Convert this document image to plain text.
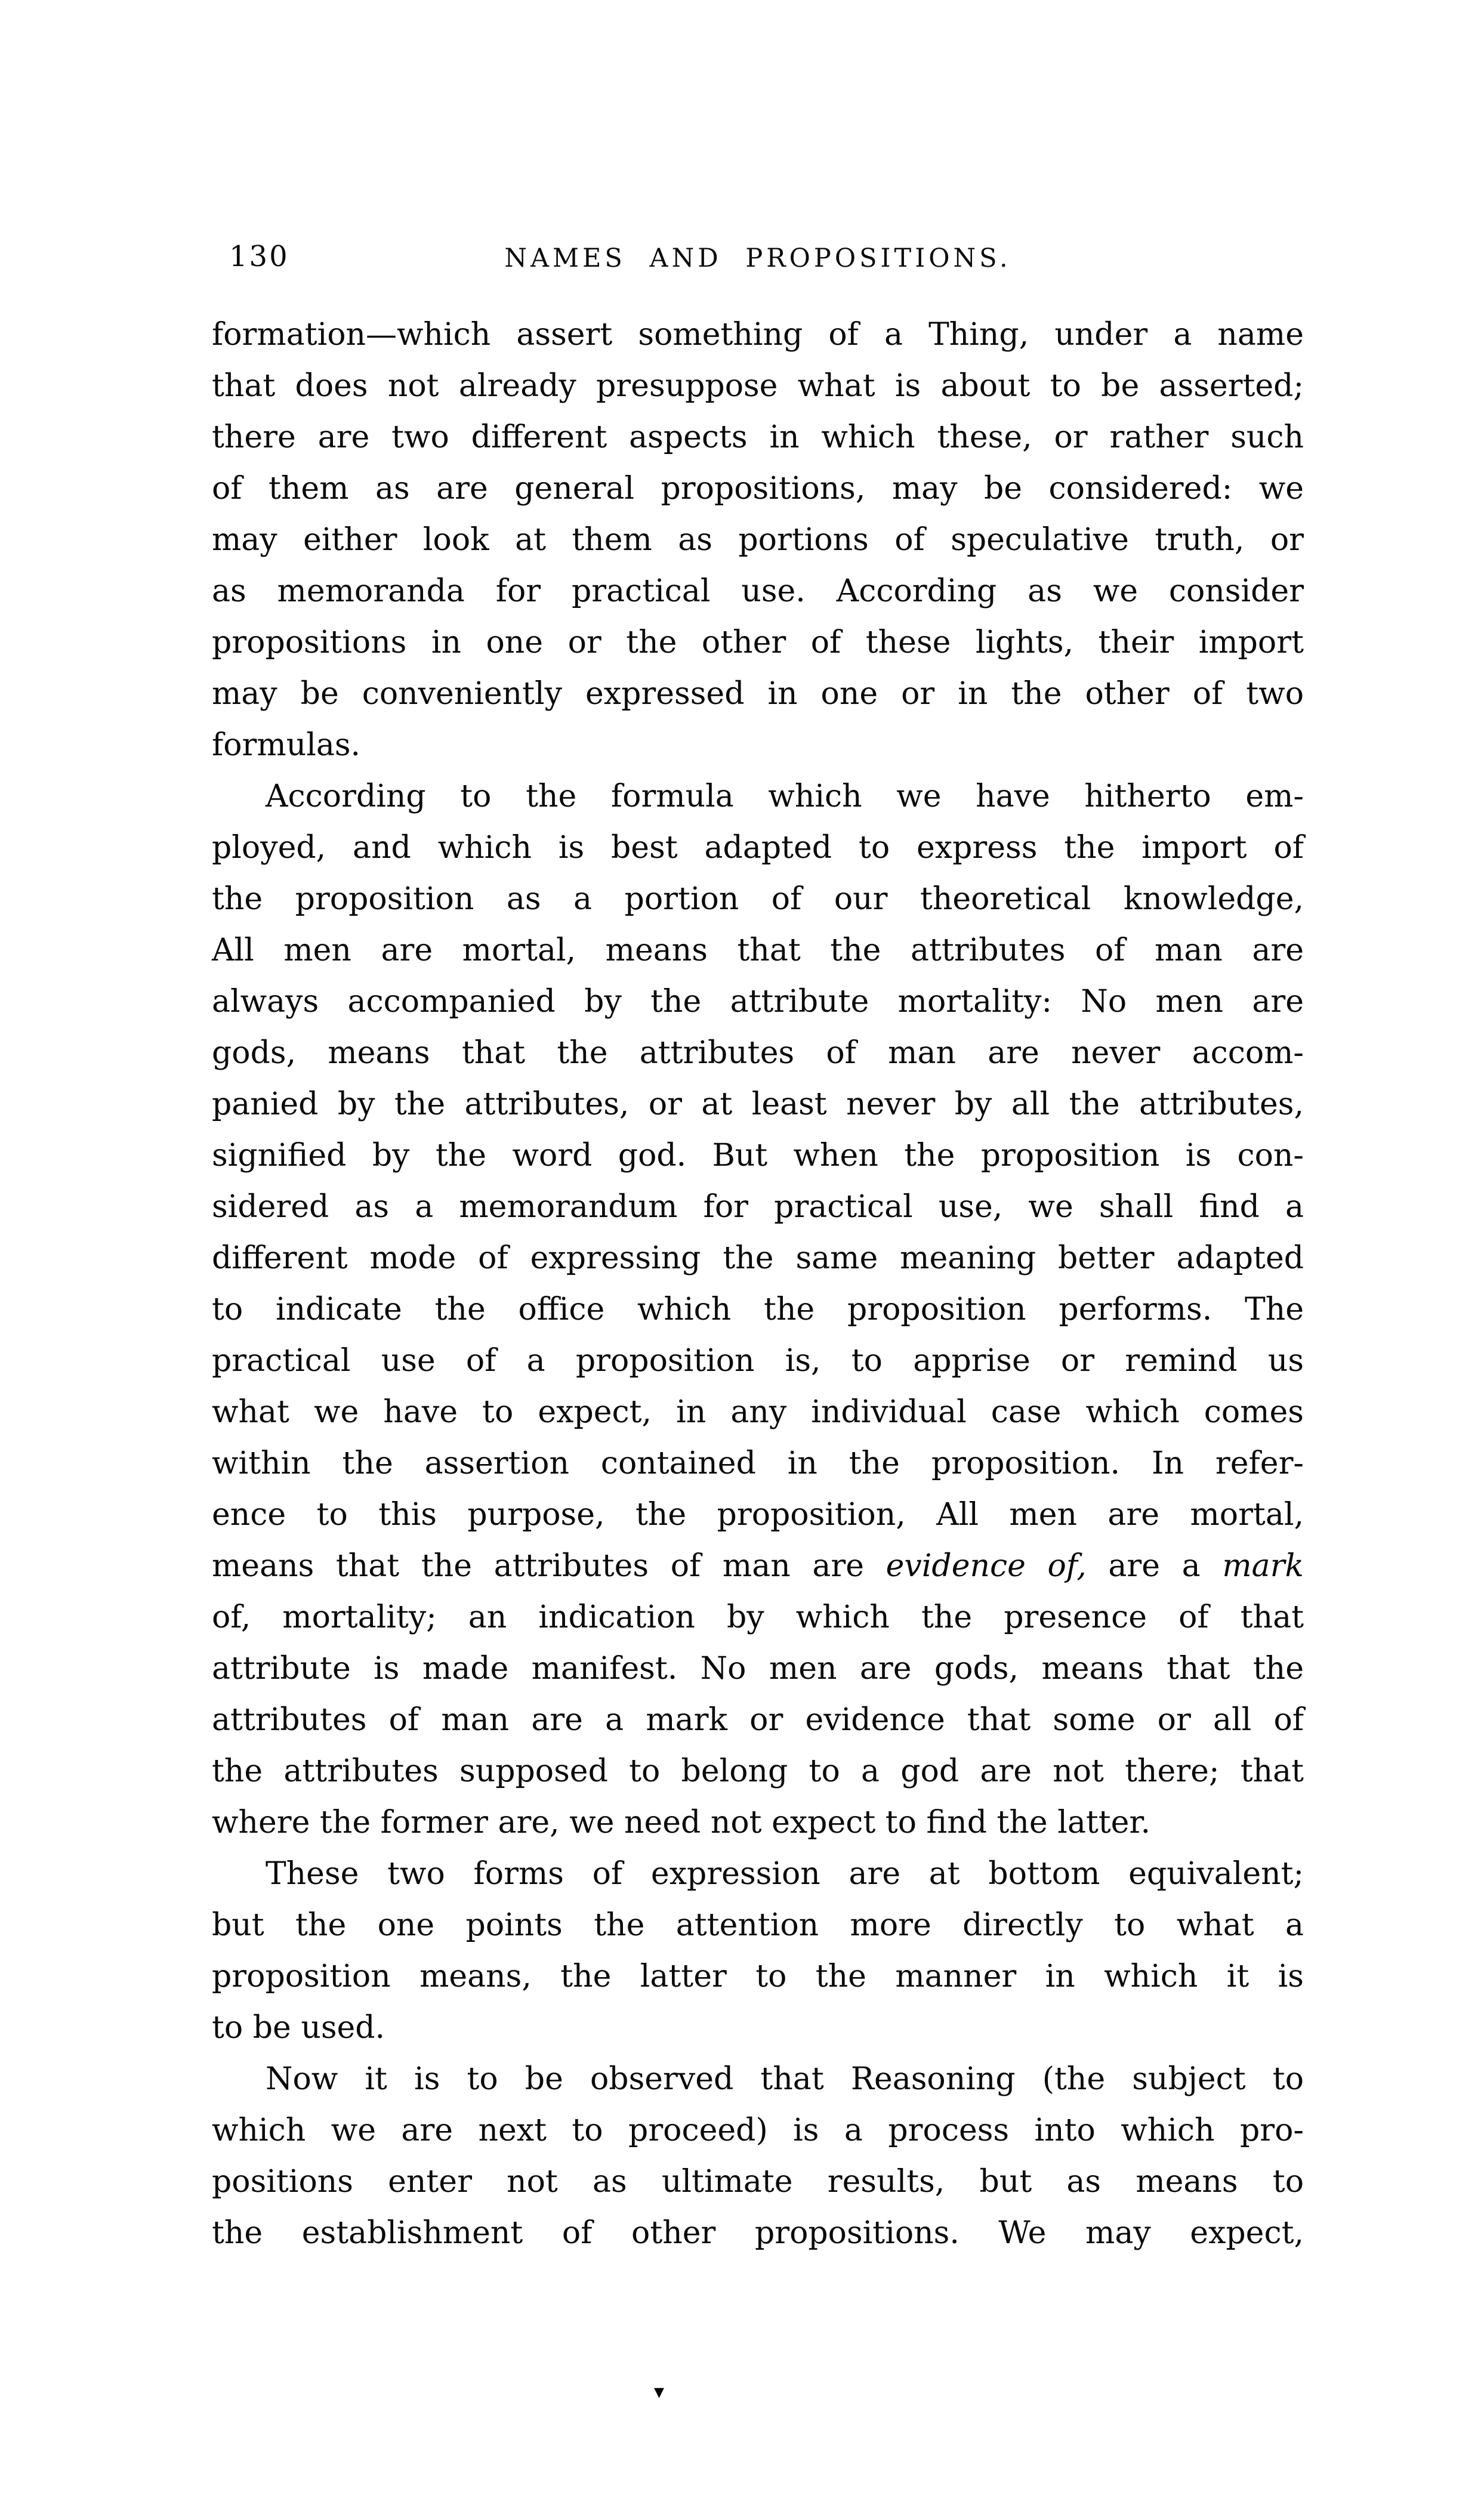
130	NAMES AND PROPOSITIONS.
formation—which assert something of a Thing, under a name
that does not already presuppose what is about to be asserted;
there are two different aspects in which these, or rather such
of them as are general propositions, may be considered: we
may either look at them as portions of speculative truth, or
as memoranda for practical use. According as we consider
propositions in one or the other of these lights, their import
may be conveniently expressed in one or in the other of two
formulas.
According to the formula which we have hitherto em-
ployed, and which is best adapted to express the import of
the proposition as a portion of our theoretical knowledge,
All men are mortal, means that the attributes of man are
always accompanied by the attribute mortality: No men are
gods, means that the attributes of man are never accom-
panied by the attributes, or at least never by all the attributes,
signified by the word god. But when the proposition is con-
sidered as a memorandum for practical use, we shall find a
different mode of expressing the same meaning better adapted
to indicate the office which the proposition performs. The
practical use of a proposition is, to apprise or remind us
what we have to expect, in any individual case which comes
within the assertion contained in the proposition. In refer-
ence to this purpose, the proposition, All men are mortal,
means that the attributes of man are evidence of, are a mark
of, mortality; an indication by which the presence of that
attribute is made manifest. No men are gods, means that the
attributes of man are a mark or evidence that some or all of
the attributes supposed to belong to a god are not there; that
where the former are, we need not expect to find the latter.
These two forms of expression are at bottom equivalent;
but the one points the attention more directly to what a
proposition means, the latter to the manner in which it is
to be used.
Now it is to be observed that Reasoning (the subject to
which we are next to proceed) is a process into which pro-
positions enter not as ultimate results, but as means to
the establishment of other propositions. We may expect,
▾
